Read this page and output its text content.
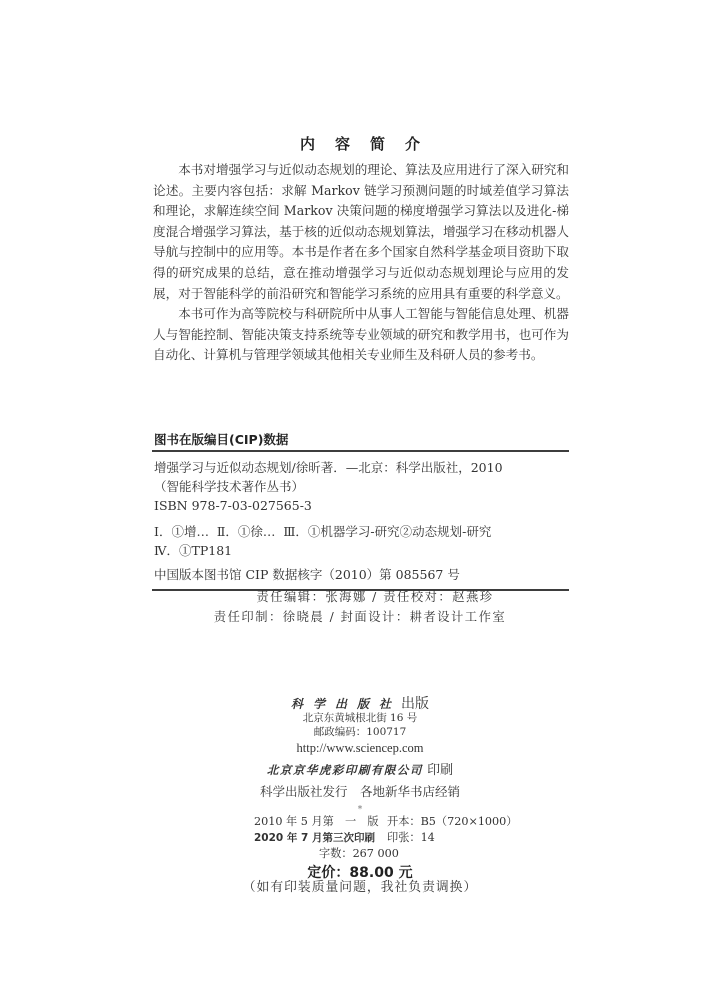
内容简介

本书对增强学习与近似动态规划的理论、算法及应用进行了深入研究和论述。主要内容包括：求解 Markov 链学习预测问题的时域差值学习算法和理论，求解连续空间 Markov 决策问题的梯度增强学习算法以及进化-梯度混合增强学习算法，基于核的近似动态规划算法，增强学习在移动机器人导航与控制中的应用等。本书是作者在多个国家自然科学基金项目资助下取得的研究成果的总结，意在推动增强学习与近似动态规划理论与应用的发展，对于智能科学的前沿研究和智能学习系统的应用具有重要的科学意义。

本书可作为高等院校与科研院所中从事人工智能与智能信息处理、机器人与智能控制、智能决策支持系统等专业领域的研究和教学用书，也可作为自动化、计算机与管理学领域其他相关专业师生及科研人员的参考书。

图书在版编目(CIP)数据
增强学习与近似动态规划/徐昕著．—北京：科学出版社，2010
（智能科学技术著作丛书）
ISBN 978-7-03-027565-3
Ⅰ．①增…  Ⅱ．①徐…  Ⅲ．①机器学习-研究②动态规划-研究
Ⅳ．①TP181
中国版本图书馆 CIP 数据核字（2010）第 085567 号
责任编辑：张海娜 / 责任校对：赵燕珍
责任印制：徐晓晨 / 封面设计：耕者设计工作室
科学出版社出版
北京东黄城根北街 16 号
邮政编码：100717
http://www.sciencep.com
北京京华虎彩印刷有限公司 印刷
科学出版社发行　各地新华书店经销
*
2010 年 5 月第　一　版 开本：B5（720×1000）
2020 年 7 月第三次印刷 印张：14
字数：267 000
定价：88.00 元
（如有印装质量问题，我社负责调换）
